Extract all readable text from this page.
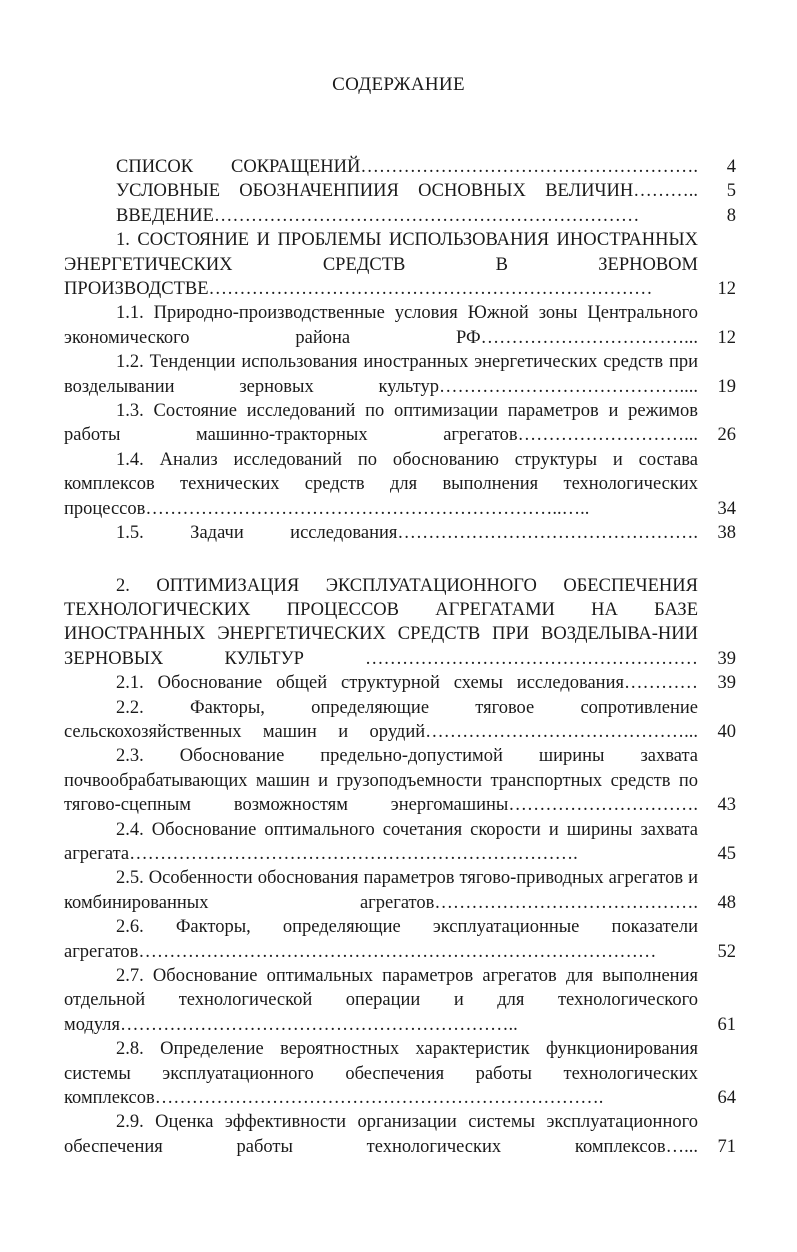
СОДЕРЖАНИЕ
СПИСОК СОКРАЩЕНИЙ……………………………………………….	4
УСЛОВНЫЕ ОБОЗНАЧЕНПИИЯ ОСНОВНЫХ ВЕЛИЧИН………..	5
ВВЕДЕНИЕ……………………………………………………………	8
1. СОСТОЯНИЕ И ПРОБЛЕМЫ ИСПОЛЬЗОВАНИЯ ИНОСТРАННЫХ ЭНЕРГЕТИЧЕСКИХ СРЕДСТВ В ЗЕРНОВОМ ПРОИЗВОДСТВЕ………………………………………………………………	12
1.1. Природно-производственные условия Южной зоны Центрального экономического района РФ……………………………...	12
1.2. Тенденции использования иностранных энергетических средств при возделывании зерновых культур…………………………………....	19
1.3. Состояние исследований по оптимизации параметров и режимов работы машинно-тракторных агрегатов………………………...	26
1.4. Анализ исследований по обоснованию структуры и состава комплексов технических средств для выполнения технологических процессов…………………………………………………………..…..	34
1.5. Задачи исследования………………………………………….	38
2. ОПТИМИЗАЦИЯ ЭКСПЛУАТАЦИОННОГО ОБЕСПЕЧЕНИЯ ТЕХНОЛОГИЧЕСКИХ ПРОЦЕССОВ АГРЕГАТАМИ НА БАЗЕ ИНОСТРАННЫХ ЭНЕРГЕТИЧЕСКИХ СРЕДСТВ ПРИ ВОЗДЕЛЫВА-НИИ ЗЕРНОВЫХ КУЛЬТУР ………………………………………………	39
2.1. Обоснование общей структурной схемы исследования…………	39
2.2. Факторы, определяющие тяговое сопротивление сельскохозяйственных машин и орудий……………………………………...	40
2.3. Обоснование предельно-допустимой ширины захвата почвообрабатывающих машин и грузоподъемности транспортных средств по тягово-сцепным возможностям энергомашины………………………….	43
2.4. Обоснование оптимального сочетания скорости и ширины захвата агрегата……………………………………………………………….	45
2.5. Особенности обоснования параметров тягово-приводных агрегатов и комбинированных агрегатов…………………………………….	48
2.6. Факторы, определяющие эксплуатационные показатели агрегатов…………………………………………………………………………	52
2.7. Обоснование оптимальных параметров агрегатов для выполнения отдельной технологической операции и для технологического модуля………………………………………………………..	61
2.8. Определение вероятностных характеристик функционирования системы эксплуатационного обеспечения работы технологических комплексов……………………………………………………………….	64
2.9. Оценка эффективности организации системы эксплуатационного обеспечения работы технологических комплексов…...	71
